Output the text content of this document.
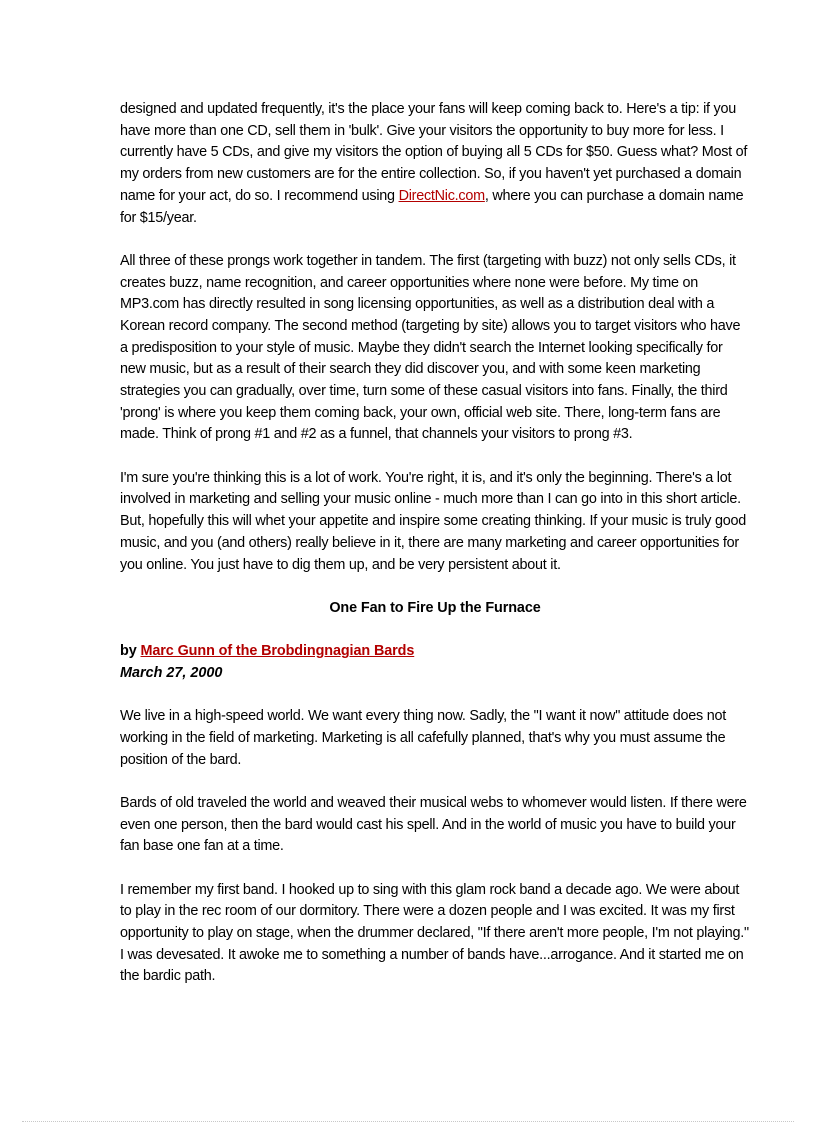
designed and updated frequently, it's the place your fans will keep coming back to. Here's a tip: if you have more than one CD, sell them in 'bulk'. Give your visitors the opportunity to buy more for less. I currently have 5 CDs, and give my visitors the option of buying all 5 CDs for $50. Guess what? Most of my orders from new customers are for the entire collection. So, if you haven't yet purchased a domain name for your act, do so. I recommend using DirectNic.com, where you can purchase a domain name for $15/year.

All three of these prongs work together in tandem. The first (targeting with buzz) not only sells CDs, it creates buzz, name recognition, and career opportunities where none were before. My time on MP3.com has directly resulted in song licensing opportunities, as well as a distribution deal with a Korean record company. The second method (targeting by site) allows you to target visitors who have a predisposition to your style of music. Maybe they didn't search the Internet looking specifically for new music, but as a result of their search they did discover you, and with some keen marketing strategies you can gradually, over time, turn some of these casual visitors into fans. Finally, the third 'prong' is where you keep them coming back, your own, official web site. There, long-term fans are made. Think of prong #1 and #2 as a funnel, that channels your visitors to prong #3.

I'm sure you're thinking this is a lot of work. You're right, it is, and it's only the beginning. There's a lot involved in marketing and selling your music online - much more than I can go into in this short article. But, hopefully this will whet your appetite and inspire some creating thinking. If your music is truly good music, and you (and others) really believe in it, there are many marketing and career opportunities for you online. You just have to dig them up, and be very persistent about it.

One Fan to Fire Up the Furnace
by Marc Gunn of the Brobdingnagian Bards
March 27, 2000

We live in a high-speed world. We want every thing now. Sadly, the "I want it now" attitude does not working in the field of marketing. Marketing is all cafefully planned, that's why you must assume the position of the bard.

Bards of old traveled the world and weaved their musical webs to whomever would listen. If there were even one person, then the bard would cast his spell. And in the world of music you have to build your fan base one fan at a time.

I remember my first band. I hooked up to sing with this glam rock band a decade ago. We were about to play in the rec room of our dormitory. There were a dozen people and I was excited. It was my first opportunity to play on stage, when the drummer declared, "If there aren't more people, I'm not playing." I was devesated. It awoke me to something a number of bands have...arrogance. And it started me on the bardic path.
